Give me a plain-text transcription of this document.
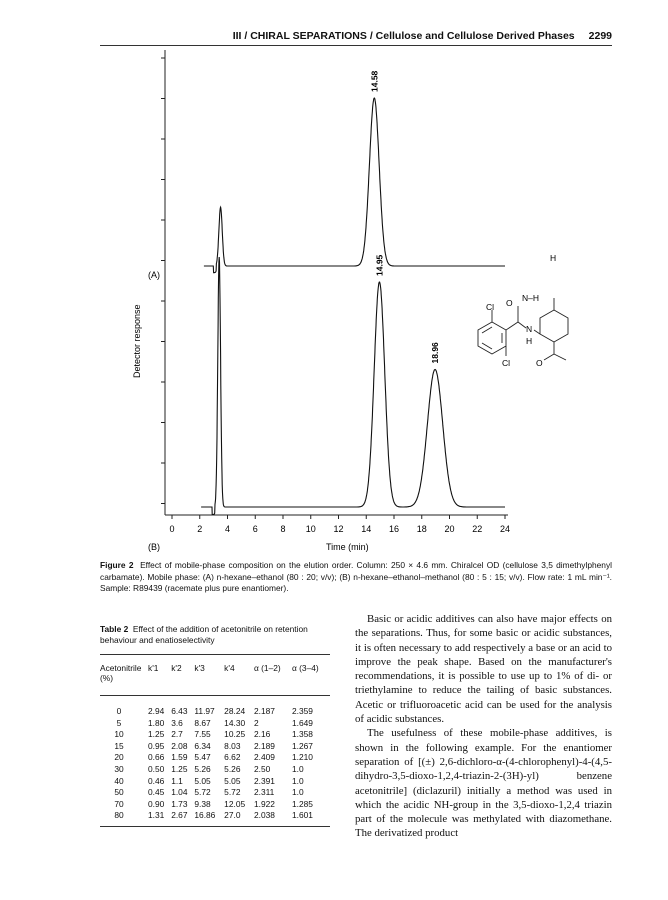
III / CHIRAL SEPARATIONS / Cellulose and Cellulose Derived Phases 2299
0	2	4	6	8 10 12 14 16 18 20 22 24
14.58
14.95
18.96
(A)
(B)	Time (min)
Detector response
H
O N–H
Cl
N
H
Cl	O
Figure 2 Effect of mobile-phase composition on the elution order. Column: 250 × 4.6 mm. Chiralcel OD (cellulose 3,5 dimethylphenyl carbamate). Mobile phase: (A) n-hexane–ethanol (80 : 20; v/v); (B) n-hexane–ethanol–methanol (80 : 5 : 15; v/v). Flow rate: 1 mL min⁻¹. Sample: R89439 (racemate plus pure enantiomer).
Table 2 Effect of the addition of acetonitrile on retention behaviour and enatioselectivity
Acetonitrile (%)	k'1	k'2	k'3	k'4	α (1–2)	α (3–4)
0	2.94	6.43	11.97	28.24	2.187	2.359
5	1.80	3.6	8.67	14.30	2	1.649
10	1.25	2.7	7.55	10.25	2.16	1.358
15	0.95	2.08	6.34	8.03	2.189	1.267
20	0.66	1.59	5.47	6.62	2.409	1.210
30	0.50	1.25	5.26	5.26	2.50	1.0
40	0.46	1.1	5.05	5.05	2.391	1.0
50	0.45	1.04	5.72	5.72	2.311	1.0
70	0.90	1.73	9.38	12.05	1.922	1.285
80	1.31	2.67	16.86	27.0	2.038	1.601

Basic or acidic additives can also have major effects on the separations. Thus, for some basic or acidic substances, it is often necessary to add respectively a base or an acid to improve the peak shape. Based on the manufacturer's recommendations, it is possible to use up to 1% of di- or triethylamine to reduce the tailing of basic substances. Acetic or trifluoroacetic acid can be used for the analysis of acidic substances.

The usefulness of these mobile-phase additives, is shown in the following example. For the enantiomer separation of [(±) 2,6-dichloro-α-(4-chlorophenyl)-4-(4,5-dihydro-3,5-dioxo-1,2,4-triazin-2-(3H)-yl) benzene acetonitrile] (diclazuril) initially a method was used in which the acidic NH-group in the 3,5-dioxo-1,2,4 triazin part of the molecule was methylated with diazomethane. The derivatized product
